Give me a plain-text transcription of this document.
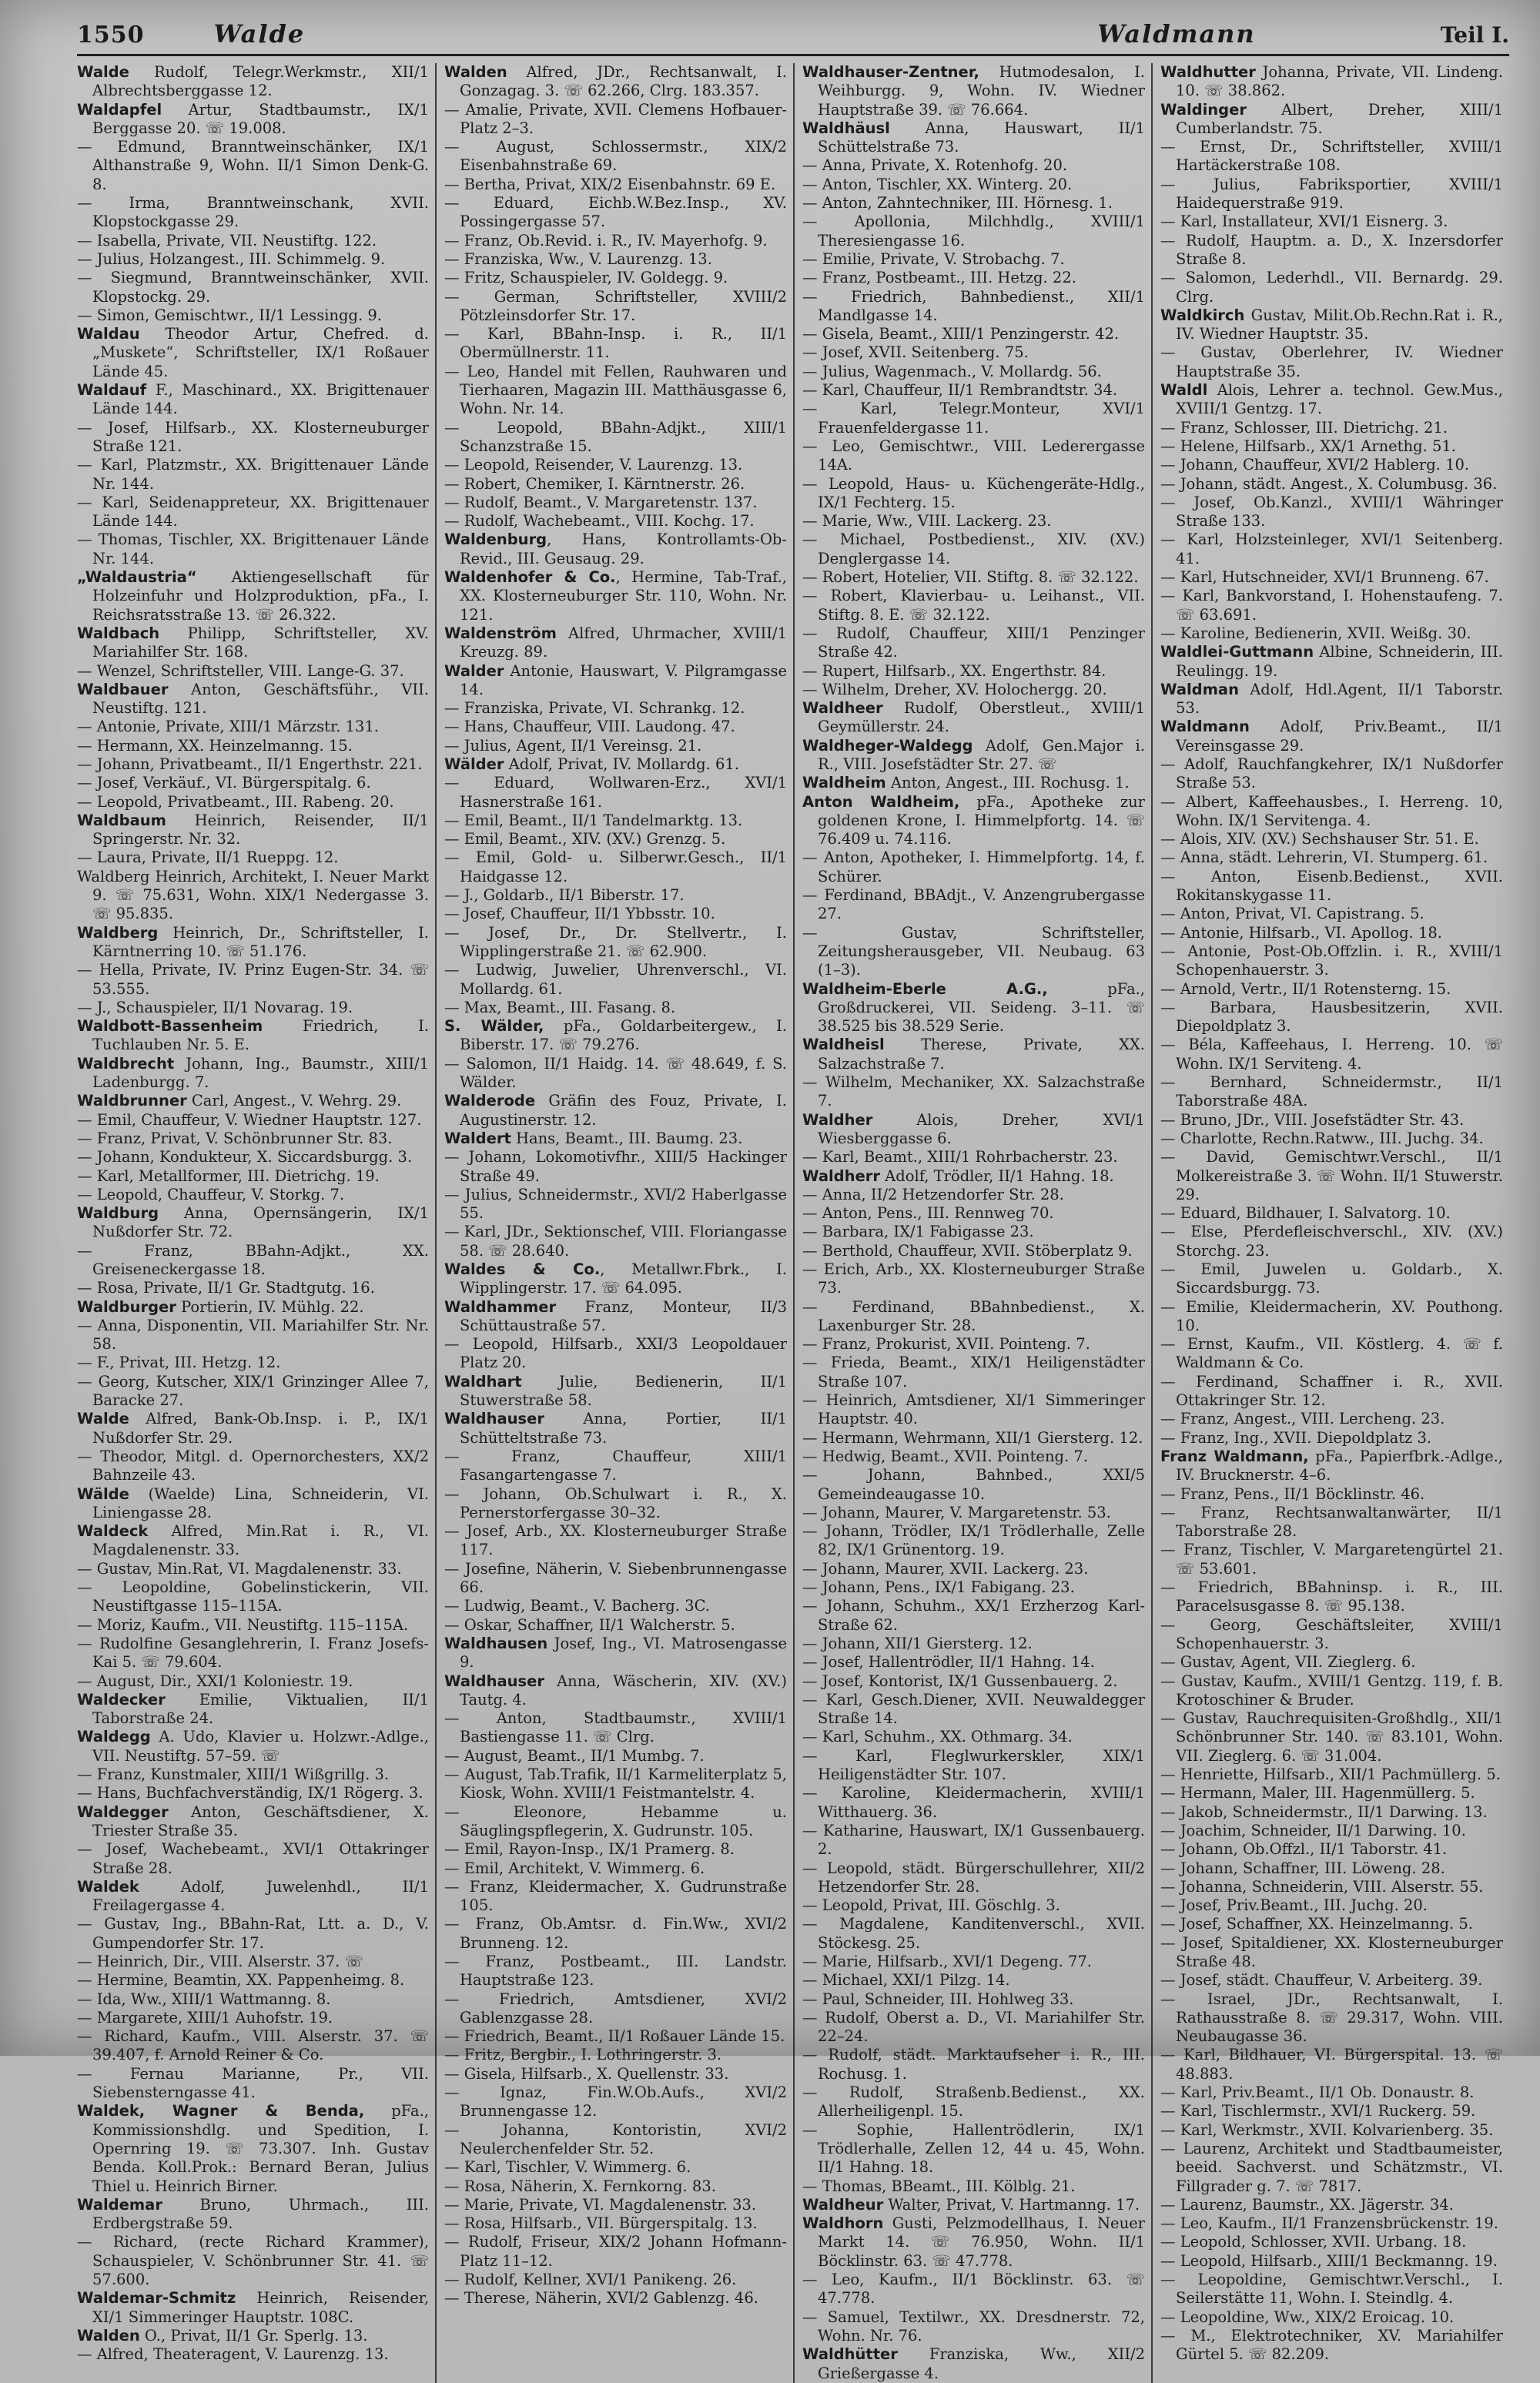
1550	Walde	Waldmann	Teil I.

Walde Rudolf, Telegr.Werkmstr., XII/1 Albrechtsberggasse 12.

Waldapfel Artur, Stadtbaumstr., IX/1 Berggasse 20. ☏ 19.008.

— Edmund, Branntweinschänker, IX/1 Althanstraße 9, Wohn. II/1 Simon Denk-G. 8.

— Irma, Branntweinschank, XVII. Klopstockgasse 29.

— Isabella, Private, VII. Neustiftg. 122.

— Julius, Holzangest., III. Schimmelg. 9.

— Siegmund, Branntweinschänker, XVII. Klopstockg. 29.

— Simon, Gemischtwr., II/1 Lessingg. 9.

Waldau Theodor Artur, Chefred. d. „Muskete“, Schriftsteller, IX/1 Roßauer Lände 45.

Waldauf F., Maschinard., XX. Brigittenauer Lände 144.

— Josef, Hilfsarb., XX. Klosterneuburger Straße 121.

— Karl, Platzmstr., XX. Brigittenauer Lände Nr. 144.

— Karl, Seidenappreteur, XX. Brigittenauer Lände 144.

— Thomas, Tischler, XX. Brigittenauer Lände Nr. 144.

„Waldaustria“ Aktiengesellschaft für Holzeinfuhr und Holzproduktion, pFa., I. Reichsratsstraße 13. ☏ 26.322.

Waldbach Philipp, Schriftsteller, XV. Mariahilfer Str. 168.

— Wenzel, Schriftsteller, VIII. Lange-G. 37.

Waldbauer Anton, Geschäftsführ., VII. Neustiftg. 121.

— Antonie, Private, XIII/1 Märzstr. 131.

— Hermann, XX. Heinzelmanng. 15.

— Johann, Privatbeamt., II/1 Engerthstr. 221.

— Josef, Verkäuf., VI. Bürgerspitalg. 6.

— Leopold, Privatbeamt., III. Rabeng. 20.

Waldbaum Heinrich, Reisender, II/1 Springerstr. Nr. 32.

— Laura, Private, II/1 Rueppg. 12.

Waldberg Heinrich, Architekt, I. Neuer Markt 9. ☏ 75.631, Wohn. XIX/1 Nedergasse 3. ☏ 95.835.

Waldberg Heinrich, Dr., Schriftsteller, I. Kärntnerring 10. ☏ 51.176.

— Hella, Private, IV. Prinz Eugen-Str. 34. ☏ 53.555.

— J., Schauspieler, II/1 Novarag. 19.

Waldbott-Bassenheim Friedrich, I. Tuchlauben Nr. 5. E.

Waldbrecht Johann, Ing., Baumstr., XIII/1 Ladenburgg. 7.

Waldbrunner Carl, Angest., V. Wehrg. 29.

— Emil, Chauffeur, V. Wiedner Hauptstr. 127.

— Franz, Privat, V. Schönbrunner Str. 83.

— Johann, Kondukteur, X. Siccardsburgg. 3.

— Karl, Metallformer, III. Dietrichg. 19.

— Leopold, Chauffeur, V. Storkg. 7.

Waldburg Anna, Opernsängerin, IX/1 Nußdorfer Str. 72.

— Franz, BBahn-Adjkt., XX. Greiseneckergasse 18.

— Rosa, Private, II/1 Gr. Stadtgutg. 16.

Waldburger Portierin, IV. Mühlg. 22.

— Anna, Disponentin, VII. Mariahilfer Str. Nr. 58.

— F., Privat, III. Hetzg. 12.

— Georg, Kutscher, XIX/1 Grinzinger Allee 7, Baracke 27.

Walde Alfred, Bank-Ob.Insp. i. P., IX/1 Nußdorfer Str. 29.

— Theodor, Mitgl. d. Opernorchesters, XX/2 Bahnzeile 43.

Wälde (Waelde) Lina, Schneiderin, VI. Liniengasse 28.

Waldeck Alfred, Min.Rat i. R., VI. Magdalenenstr. 33.

— Gustav, Min.Rat, VI. Magdalenenstr. 33.

— Leopoldine, Gobelinstickerin, VII. Neustiftgasse 115–115A.

— Moriz, Kaufm., VII. Neustiftg. 115–115A.

— Rudolfine Gesanglehrerin, I. Franz Josefs-Kai 5. ☏ 79.604.

— August, Dir., XXI/1 Koloniestr. 19.

Waldecker Emilie, Viktualien, II/1 Taborstraße 24.

Waldegg A. Udo, Klavier u. Holzwr.-Adlge., VII. Neustiftg. 57–59. ☏

— Franz, Kunstmaler, XIII/1 Wißgrillg. 3.

— Hans, Buchfachverständig, IX/1 Rögerg. 3.

Waldegger Anton, Geschäftsdiener, X. Triester Straße 35.

— Josef, Wachebeamt., XVI/1 Ottakringer Straße 28.

Waldek Adolf, Juwelenhdl., II/1 Freilagergasse 4.

— Gustav, Ing., BBahn-Rat, Ltt. a. D., V. Gumpendorfer Str. 17.

— Heinrich, Dir., VIII. Alserstr. 37. ☏

— Hermine, Beamtin, XX. Pappenheimg. 8.

— Ida, Ww., XIII/1 Wattmanng. 8.

— Margarete, XIII/1 Auhofstr. 19.

— Richard, Kaufm., VIII. Alserstr. 37. ☏ 39.407, f. Arnold Reiner & Co.

— Fernau Marianne, Pr., VII. Siebensterngasse 41.

Waldek, Wagner & Benda, pFa., Kommissionshdlg. und Spedition, I. Opernring 19. ☏ 73.307. Inh. Gustav Benda. Koll.Prok.: Bernard Beran, Julius Thiel u. Heinrich Birner.

Waldemar Bruno, Uhrmach., III. Erdbergstraße 59.

— Richard, (recte Richard Krammer), Schauspieler, V. Schönbrunner Str. 41. ☏ 57.600.

Waldemar-Schmitz Heinrich, Reisender, XI/1 Simmeringer Hauptstr. 108C.

Walden O., Privat, II/1 Gr. Sperlg. 13.

— Alfred, Theateragent, V. Laurenzg. 13.

Walden Alfred, JDr., Rechtsanwalt, I. Gonzagag. 3. ☏ 62.266, Clrg. 183.357.

— Amalie, Private, XVII. Clemens Hofbauer-Platz 2–3.

— August, Schlossermstr., XIX/2 Eisenbahnstraße 69.

— Bertha, Privat, XIX/2 Eisenbahnstr. 69 E.

— Eduard, Eichb.W.Bez.Insp., XV. Possingergasse 57.

— Franz, Ob.Revid. i. R., IV. Mayerhofg. 9.

— Franziska, Ww., V. Laurenzg. 13.

— Fritz, Schauspieler, IV. Goldegg. 9.

— German, Schriftsteller, XVIII/2 Pötzleinsdorfer Str. 17.

— Karl, BBahn-Insp. i. R., II/1 Obermüllnerstr. 11.

— Leo, Handel mit Fellen, Rauhwaren und Tierhaaren, Magazin III. Matthäusgasse 6, Wohn. Nr. 14.

— Leopold, BBahn-Adjkt., XIII/1 Schanzstraße 15.

— Leopold, Reisender, V. Laurenzg. 13.

— Robert, Chemiker, I. Kärntnerstr. 26.

— Rudolf, Beamt., V. Margaretenstr. 137.

— Rudolf, Wachebeamt., VIII. Kochg. 17.

Waldenburg, Hans, Kontrollamts-Ob-Revid., III. Geusaug. 29.

Waldenhofer & Co., Hermine, Tab-Traf., XX. Klosterneuburger Str. 110, Wohn. Nr. 121.

Waldenström Alfred, Uhrmacher, XVIII/1 Kreuzg. 89.

Walder Antonie, Hauswart, V. Pilgramgasse 14.

— Franziska, Private, VI. Schrankg. 12.

— Hans, Chauffeur, VIII. Laudong. 47.

— Julius, Agent, II/1 Vereinsg. 21.

Wälder Adolf, Privat, IV. Mollardg. 61.

— Eduard, Wollwaren-Erz., XVI/1 Hasnerstraße 161.

— Emil, Beamt., II/1 Tandelmarktg. 13.

— Emil, Beamt., XIV. (XV.) Grenzg. 5.

— Emil, Gold- u. Silberwr.Gesch., II/1 Haidgasse 12.

— J., Goldarb., II/1 Biberstr. 17.

— Josef, Chauffeur, II/1 Ybbsstr. 10.

— Josef, Dr., Dr. Stellvertr., I. Wipplingerstraße 21. ☏ 62.900.

— Ludwig, Juwelier, Uhrenverschl., VI. Mollardg. 61.

— Max, Beamt., III. Fasang. 8.

S. Wälder, pFa., Goldarbeitergew., I. Biberstr. 17. ☏ 79.276.

— Salomon, II/1 Haidg. 14. ☏ 48.649, f. S. Wälder.

Walderode Gräfin des Fouz, Private, I. Augustinerstr. 12.

Waldert Hans, Beamt., III. Baumg. 23.

— Johann, Lokomotivfhr., XIII/5 Hackinger Straße 49.

— Julius, Schneidermstr., XVI/2 Haberlgasse 55.

— Karl, JDr., Sektionschef, VIII. Floriangasse 58. ☏ 28.640.

Waldes & Co., Metallwr.Fbrk., I. Wipplingerstr. 17. ☏ 64.095.

Waldhammer Franz, Monteur, II/3 Schüttaustraße 57.

— Leopold, Hilfsarb., XXI/3 Leopoldauer Platz 20.

Waldhart Julie, Bedienerin, II/1 Stuwerstraße 58.

Waldhauser Anna, Portier, II/1 Schütteltstraße 73.

— Franz, Chauffeur, XIII/1 Fasangartengasse 7.

— Johann, Ob.Schulwart i. R., X. Pernerstorfergasse 30–32.

— Josef, Arb., XX. Klosterneuburger Straße 117.

— Josefine, Näherin, V. Siebenbrunnengasse 66.

— Ludwig, Beamt., V. Bacherg. 3C.

— Oskar, Schaffner, II/1 Walcherstr. 5.

Waldhausen Josef, Ing., VI. Matrosengasse 9.

Waldhauser Anna, Wäscherin, XIV. (XV.) Tautg. 4.

— Anton, Stadtbaumstr., XVIII/1 Bastiengasse 11. ☏ Clrg.

— August, Beamt., II/1 Mumbg. 7.

— August, Tab.Trafik, II/1 Karmeliterplatz 5, Kiosk, Wohn. XVIII/1 Feistmantelstr. 4.

— Eleonore, Hebamme u. Säuglingspflegerin, X. Gudrunstr. 105.

— Emil, Rayon-Insp., IX/1 Pramerg. 8.

— Emil, Architekt, V. Wimmerg. 6.

— Franz, Kleidermacher, X. Gudrunstraße 105.

— Franz, Ob.Amtsr. d. Fin.Ww., XVI/2 Brunneng. 12.

— Franz, Postbeamt., III. Landstr. Hauptstraße 123.

— Friedrich, Amtsdiener, XVI/2 Gablenzgasse 28.

— Friedrich, Beamt., II/1 Roßauer Lände 15.

— Fritz, Bergbir., I. Lothringerstr. 3.

— Gisela, Hilfsarb., X. Quellenstr. 33.

— Ignaz, Fin.W.Ob.Aufs., XVI/2 Brunnengasse 12.

— Johanna, Kontoristin, XVI/2 Neulerchenfelder Str. 52.

— Karl, Tischler, V. Wimmerg. 6.

— Rosa, Näherin, X. Fernkorng. 83.

— Marie, Private, VI. Magdalenenstr. 33.

— Rosa, Hilfsarb., VII. Bürgerspitalg. 13.

— Rudolf, Friseur, XIX/2 Johann Hofmann-Platz 11–12.

— Rudolf, Kellner, XVI/1 Panikeng. 26.

— Therese, Näherin, XVI/2 Gablenzg. 46.

Waldhauser-Zentner, Hutmodesalon, I. Weihburgg. 9, Wohn. IV. Wiedner Hauptstraße 39. ☏ 76.664.

Waldhäusl Anna, Hauswart, II/1 Schüttelstraße 73.

— Anna, Private, X. Rotenhofg. 20.

— Anton, Tischler, XX. Winterg. 20.

— Anton, Zahntechniker, III. Hörnesg. 1.

— Apollonia, Milchhdlg., XVIII/1 Theresiengasse 16.

— Emilie, Private, V. Strobachg. 7.

— Franz, Postbeamt., III. Hetzg. 22.

— Friedrich, Bahnbedienst., XII/1 Mandlgasse 14.

— Gisela, Beamt., XIII/1 Penzingerstr. 42.

— Josef, XVII. Seitenberg. 75.

— Julius, Wagenmach., V. Mollardg. 56.

— Karl, Chauffeur, II/1 Rembrandtstr. 34.

— Karl, Telegr.Monteur, XVI/1 Frauenfeldergasse 11.

— Leo, Gemischtwr., VIII. Lederergasse 14A.

— Leopold, Haus- u. Küchengeräte-Hdlg., IX/1 Fechterg. 15.

— Marie, Ww., VIII. Lackerg. 23.

— Michael, Postbedienst., XIV. (XV.) Denglergasse 14.

— Robert, Hotelier, VII. Stiftg. 8. ☏ 32.122.

— Robert, Klavierbau- u. Leihanst., VII. Stiftg. 8. E. ☏ 32.122.

— Rudolf, Chauffeur, XIII/1 Penzinger Straße 42.

— Rupert, Hilfsarb., XX. Engerthstr. 84.

— Wilhelm, Dreher, XV. Holochergg. 20.

Waldheer Rudolf, Oberstleut., XVIII/1 Geymüllerstr. 24.

Waldheger-Waldegg Adolf, Gen.Major i. R., VIII. Josefstädter Str. 27. ☏

Waldheim Anton, Angest., III. Rochusg. 1.

Anton Waldheim, pFa., Apotheke zur goldenen Krone, I. Himmelpfortg. 14. ☏ 76.409 u. 74.116.

— Anton, Apotheker, I. Himmelpfortg. 14, f. Schürer.

— Ferdinand, BBAdjt., V. Anzengrubergasse 27.

— Gustav, Schriftsteller, Zeitungsherausgeber, VII. Neubaug. 63 (1–3).

Waldheim-Eberle A.G., pFa., Großdruckerei, VII. Seideng. 3–11. ☏ 38.525 bis 38.529 Serie.

Waldheisl Therese, Private, XX. Salzachstraße 7.

— Wilhelm, Mechaniker, XX. Salzachstraße 7.

Waldher Alois, Dreher, XVI/1 Wiesberggasse 6.

— Karl, Beamt., XIII/1 Rohrbacherstr. 23.

Waldherr Adolf, Trödler, II/1 Hahng. 18.

— Anna, II/2 Hetzendorfer Str. 28.

— Anton, Pens., III. Rennweg 70.

— Barbara, IX/1 Fabigasse 23.

— Berthold, Chauffeur, XVII. Stöberplatz 9.

— Erich, Arb., XX. Klosterneuburger Straße 73.

— Ferdinand, BBahnbedienst., X. Laxenburger Str. 28.

— Franz, Prokurist, XVII. Pointeng. 7.

— Frieda, Beamt., XIX/1 Heiligenstädter Straße 107.

— Heinrich, Amtsdiener, XI/1 Simmeringer Hauptstr. 40.

— Hermann, Wehrmann, XII/1 Giersterg. 12.

— Hedwig, Beamt., XVII. Pointeng. 7.

— Johann, Bahnbed., XXI/5 Gemeindeaugasse 10.

— Johann, Maurer, V. Margaretenstr. 53.

— Johann, Trödler, IX/1 Trödlerhalle, Zelle 82, IX/1 Grünentorg. 19.

— Johann, Maurer, XVII. Lackerg. 23.

— Johann, Pens., IX/1 Fabigang. 23.

— Johann, Schuhm., XX/1 Erzherzog Karl-Straße 62.

— Johann, XII/1 Giersterg. 12.

— Josef, Hallentrödler, II/1 Hahng. 14.

— Josef, Kontorist, IX/1 Gussenbauerg. 2.

— Karl, Gesch.Diener, XVII. Neuwaldegger Straße 14.

— Karl, Schuhm., XX. Othmarg. 34.

— Karl, Fleglwurkerskler, XIX/1 Heiligenstädter Str. 107.

— Karoline, Kleidermacherin, XVIII/1 Witthauerg. 36.

— Katharine, Hauswart, IX/1 Gussenbauerg. 2.

— Leopold, städt. Bürgerschullehrer, XII/2 Hetzendorfer Str. 28.

— Leopold, Privat, III. Göschlg. 3.

— Magdalene, Kanditenverschl., XVII. Stöckesg. 25.

— Marie, Hilfsarb., XVI/1 Degeng. 77.

— Michael, XXI/1 Pilzg. 14.

— Paul, Schneider, III. Hohlweg 33.

— Rudolf, Oberst a. D., VI. Mariahilfer Str. 22–24.

— Rudolf, städt. Marktaufseher i. R., III. Rochusg. 1.

— Rudolf, Straßenb.Bedienst., XX. Allerheiligenpl. 15.

— Sophie, Hallentrödlerin, IX/1 Trödlerhalle, Zellen 12, 44 u. 45, Wohn. II/1 Hahng. 18.

— Thomas, BBeamt., III. Kölblg. 21.

Waldheur Walter, Privat, V. Hartmanng. 17.

Waldhorn Gusti, Pelzmodellhaus, I. Neuer Markt 14. ☏ 76.950, Wohn. II/1 Böcklinstr. 63. ☏ 47.778.

— Leo, Kaufm., II/1 Böcklinstr. 63. ☏ 47.778.

— Samuel, Textilwr., XX. Dresdnerstr. 72, Wohn. Nr. 76.

Waldhütter Franziska, Ww., XII/2 Grießergasse 4.

Waldhutter Johanna, Private, VII. Lindeng. 10. ☏ 38.862.

Waldinger Albert, Dreher, XIII/1 Cumberlandstr. 75.

— Ernst, Dr., Schriftsteller, XVIII/1 Hartäckerstraße 108.

— Julius, Fabriksportier, XVIII/1 Haidequerstraße 919.

— Karl, Installateur, XVI/1 Eisnerg. 3.

— Rudolf, Hauptm. a. D., X. Inzersdorfer Straße 8.

— Salomon, Lederhdl., VII. Bernardg. 29. Clrg.

Waldkirch Gustav, Milit.Ob.Rechn.Rat i. R., IV. Wiedner Hauptstr. 35.

— Gustav, Oberlehrer, IV. Wiedner Hauptstraße 35.

Waldl Alois, Lehrer a. technol. Gew.Mus., XVIII/1 Gentzg. 17.

— Franz, Schlosser, III. Dietrichg. 21.

— Helene, Hilfsarb., XX/1 Arnethg. 51.

— Johann, Chauffeur, XVI/2 Hablerg. 10.

— Johann, städt. Angest., X. Columbusg. 36.

— Josef, Ob.Kanzl., XVIII/1 Währinger Straße 133.

— Karl, Holzsteinleger, XVI/1 Seitenberg. 41.

— Karl, Hutschneider, XVI/1 Brunneng. 67.

— Karl, Bankvorstand, I. Hohenstaufeng. 7. ☏ 63.691.

— Karoline, Bedienerin, XVII. Weißg. 30.

Waldlei-Guttmann Albine, Schneiderin, III. Reulingg. 19.

Waldman Adolf, Hdl.Agent, II/1 Taborstr. 53.

Waldmann Adolf, Priv.Beamt., II/1 Vereinsgasse 29.

— Adolf, Rauchfangkehrer, IX/1 Nußdorfer Straße 53.

— Albert, Kaffeehausbes., I. Herreng. 10, Wohn. IX/1 Servitenga. 4.

— Alois, XIV. (XV.) Sechshauser Str. 51. E.

— Anna, städt. Lehrerin, VI. Stumperg. 61.

— Anton, Eisenb.Bedienst., XVII. Rokitanskygasse 11.

— Anton, Privat, VI. Capistrang. 5.

— Antonie, Hilfsarb., VI. Apollog. 18.

— Antonie, Post-Ob.Offzlin. i. R., XVIII/1 Schopenhauerstr. 3.

— Arnold, Vertr., II/1 Rotensterng. 15.

— Barbara, Hausbesitzerin, XVII. Diepoldplatz 3.

— Béla, Kaffeehaus, I. Herreng. 10. ☏ Wohn. IX/1 Serviteng. 4.

— Bernhard, Schneidermstr., II/1 Taborstraße 48A.

— Bruno, JDr., VIII. Josefstädter Str. 43.

— Charlotte, Rechn.Ratww., III. Juchg. 34.

— David, Gemischtwr.Verschl., II/1 Molkereistraße 3. ☏ Wohn. II/1 Stuwerstr. 29.

— Eduard, Bildhauer, I. Salvatorg. 10.

— Else, Pferdefleischverschl., XIV. (XV.) Storchg. 23.

— Emil, Juwelen u. Goldarb., X. Siccardsburgg. 73.

— Emilie, Kleidermacherin, XV. Pouthong. 10.

— Ernst, Kaufm., VII. Köstlerg. 4. ☏ f. Waldmann & Co.

— Ferdinand, Schaffner i. R., XVII. Ottakringer Str. 12.

— Franz, Angest., VIII. Lercheng. 23.

— Franz, Ing., XVII. Diepoldplatz 3.

Franz Waldmann, pFa., Papierfbrk.-Adlge., IV. Brucknerstr. 4–6.

— Franz, Pens., II/1 Böcklinstr. 46.

— Franz, Rechtsanwaltanwärter, II/1 Taborstraße 28.

— Franz, Tischler, V. Margaretengürtel 21. ☏ 53.601.

— Friedrich, BBahninsp. i. R., III. Paracelsusgasse 8. ☏ 95.138.

— Georg, Geschäftsleiter, XVIII/1 Schopenhauerstr. 3.

— Gustav, Agent, VII. Zieglerg. 6.

— Gustav, Kaufm., XVIII/1 Gentzg. 119, f. B. Krotoschiner & Bruder.

— Gustav, Rauchrequisiten-Großhdlg., XII/1 Schönbrunner Str. 140. ☏ 83.101, Wohn. VII. Zieglerg. 6. ☏ 31.004.

— Henriette, Hilfsarb., XII/1 Pachmüllerg. 5.

— Hermann, Maler, III. Hagenmüllerg. 5.

— Jakob, Schneidermstr., II/1 Darwing. 13.

— Joachim, Schneider, II/1 Darwing. 10.

— Johann, Ob.Offzl., II/1 Taborstr. 41.

— Johann, Schaffner, III. Löweng. 28.

— Johanna, Schneiderin, VIII. Alserstr. 55.

— Josef, Priv.Beamt., III. Juchg. 20.

— Josef, Schaffner, XX. Heinzelmanng. 5.

— Josef, Spitaldiener, XX. Klosterneuburger Straße 48.

— Josef, städt. Chauffeur, V. Arbeiterg. 39.

— Israel, JDr., Rechtsanwalt, I. Rathausstraße 8. ☏ 29.317, Wohn. VIII. Neubaugasse 36.

— Karl, Bildhauer, VI. Bürgerspital. 13. ☏ 48.883.

— Karl, Priv.Beamt., II/1 Ob. Donaustr. 8.

— Karl, Tischlermstr., XVI/1 Ruckerg. 59.

— Karl, Werkmstr., XVII. Kolvarienberg. 35.

— Laurenz, Architekt und Stadtbaumeister, beeid. Sachverst. und Schätzmstr., VI. Fillgrader g. 7. ☏ 7817.

— Laurenz, Baumstr., XX. Jägerstr. 34.

— Leo, Kaufm., II/1 Franzensbrückenstr. 19.

— Leopold, Schlosser, XVII. Urbang. 18.

— Leopold, Hilfsarb., XIII/1 Beckmanng. 19.

— Leopoldine, Gemischtwr.Verschl., I. Seilerstätte 11, Wohn. I. Steindlg. 4.

— Leopoldine, Ww., XIX/2 Eroicag. 10.

— M., Elektrotechniker, XV. Mariahilfer Gürtel 5. ☏ 82.209.
